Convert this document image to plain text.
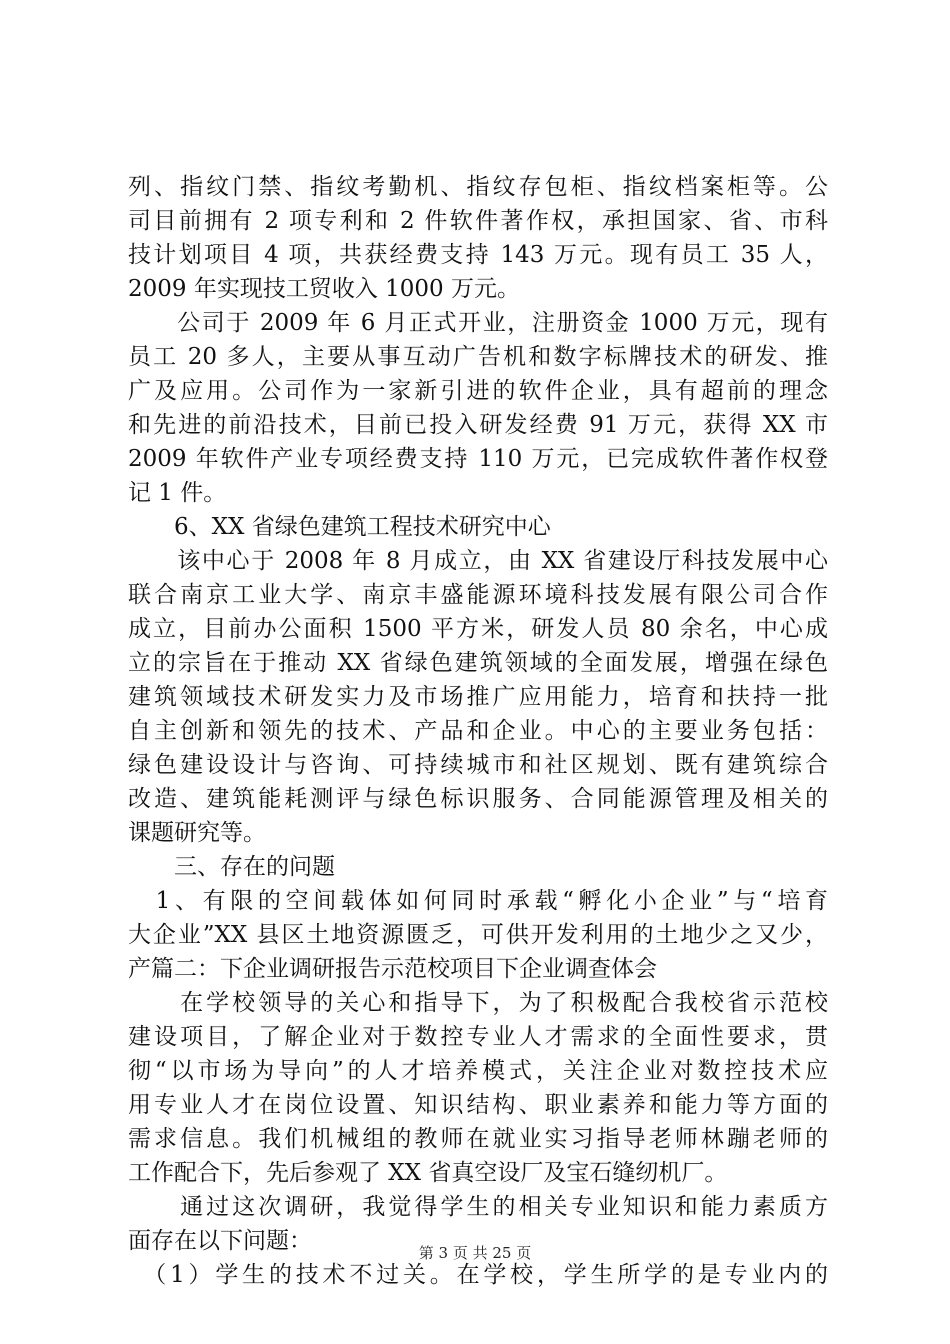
列、指纹门禁、指纹考勤机、指纹存包柜、指纹档案柜等。公
司目前拥有 2 项专利和 2 件软件著作权，承担国家、省、市科
技计划项目 4 项，共获经费支持 143 万元。现有员工 35 人，
2009 年实现技工贸收入 1000 万元。
　　公司于 2009 年 6 月正式开业，注册资金 1000 万元，现有
员工 20 多人，主要从事互动广告机和数字标牌技术的研发、推
广及应用。公司作为一家新引进的软件企业，具有超前的理念
和先进的前沿技术，目前已投入研发经费 91 万元，获得 XX 市
2009 年软件产业专项经费支持 110 万元，已完成软件著作权登
记 1 件。
　　6、XX 省绿色建筑工程技术研究中心
　　该中心于 2008 年 8 月成立，由 XX 省建设厅科技发展中心
联合南京工业大学、南京丰盛能源环境科技发展有限公司合作
成立，目前办公面积 1500 平方米，研发人员 80 余名，中心成
立的宗旨在于推动 XX 省绿色建筑领域的全面发展，增强在绿色
建筑领域技术研发实力及市场推广应用能力，培育和扶持一批
自主创新和领先的技术、产品和企业。中心的主要业务包括：
绿色建设设计与咨询、可持续城市和社区规划、既有建筑综合
改造、建筑能耗测评与绿色标识服务、合同能源管理及相关的
课题研究等。
　　三、存在的问题
　1、有限的空间载体如何同时承载“孵化小企业”与“培育
大企业”XX 县区土地资源匮乏，可供开发利用的土地少之又少，
产篇二：下企业调研报告示范校项目下企业调查体会
　　在学校领导的关心和指导下，为了积极配合我校省示范校
建设项目，了解企业对于数控专业人才需求的全面性要求，贯
彻“以市场为导向”的人才培养模式，关注企业对数控技术应
用专业人才在岗位设置、知识结构、职业素养和能力等方面的
需求信息。我们机械组的教师在就业实习指导老师林蹦老师的
工作配合下，先后参观了 XX 省真空设厂及宝石缝纫机厂。
　　通过这次调研，我觉得学生的相关专业知识和能力素质方
面存在以下问题：
　（1）学生的技术不过关。在学校，学生所学的是专业内的
第 3 页 共 25 页
